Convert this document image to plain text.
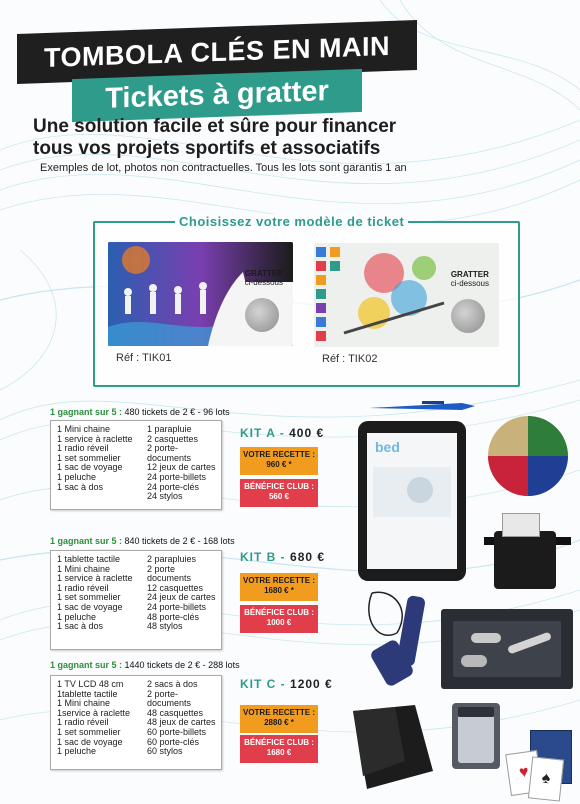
TOMBOLA CLÉS EN MAIN
Tickets à gratter
Une solution facile et sûre pour financer
tous vos projets sportifs et associatifs
Exemples de lot, photos non contractuelles. Tous les lots sont garantis 1 an
Choisissez votre modèle de ticket
GRATTER
ci-dessous
GRATTER
ci-dessous
Réf : TIK01	Réf : TIK02
1 gagnant sur 5 : 480 tickets de 2 € - 96 lots
1 Mini chaine
1 service à raclette
1 radio réveil
1 set sommelier
1 sac de voyage
1 peluche
1 sac à dos
1 parapluie
2 casquettes
2 porte-documents
12 jeux de cartes
24 porte-billets
24 porte-clés
24 stylos
KIT A - 400 €
VOTRE RECETTE :
960 € *
BÉNÉFICE CLUB :
560 €
1 gagnant sur 5 : 840 tickets de 2 € - 168 lots
1 tablette tactile
1 Mini chaine
1 service à raclette
1 radio réveil
1 set sommelier
1 sac de voyage
1 peluche
1 sac à dos
2 parapluies
2 porte documents
12 casquettes
24 jeux de cartes
24 porte-billets
48 porte-clés
48 stylos
KIT B - 680 €
VOTRE RECETTE :
1680 € *
BÉNÉFICE CLUB :
1000 €
1 gagnant sur 5 : 1440 tickets de 2 € - 288 lots
1 TV LCD 48 cm
1tablette tactile
1 Mini chaine
1service à raclette
1 radio réveil
1 set sommelier
1 sac de voyage
1 peluche
2 sacs à dos
2 porte-documents
48 casquettes
48 jeux de cartes
60 porte-billets
60 porte-clés
60 stylos
KIT C - 1200 €
VOTRE RECETTE :
2880 € *
BÉNÉFICE CLUB :
1680 €
bed
♥ ♠
